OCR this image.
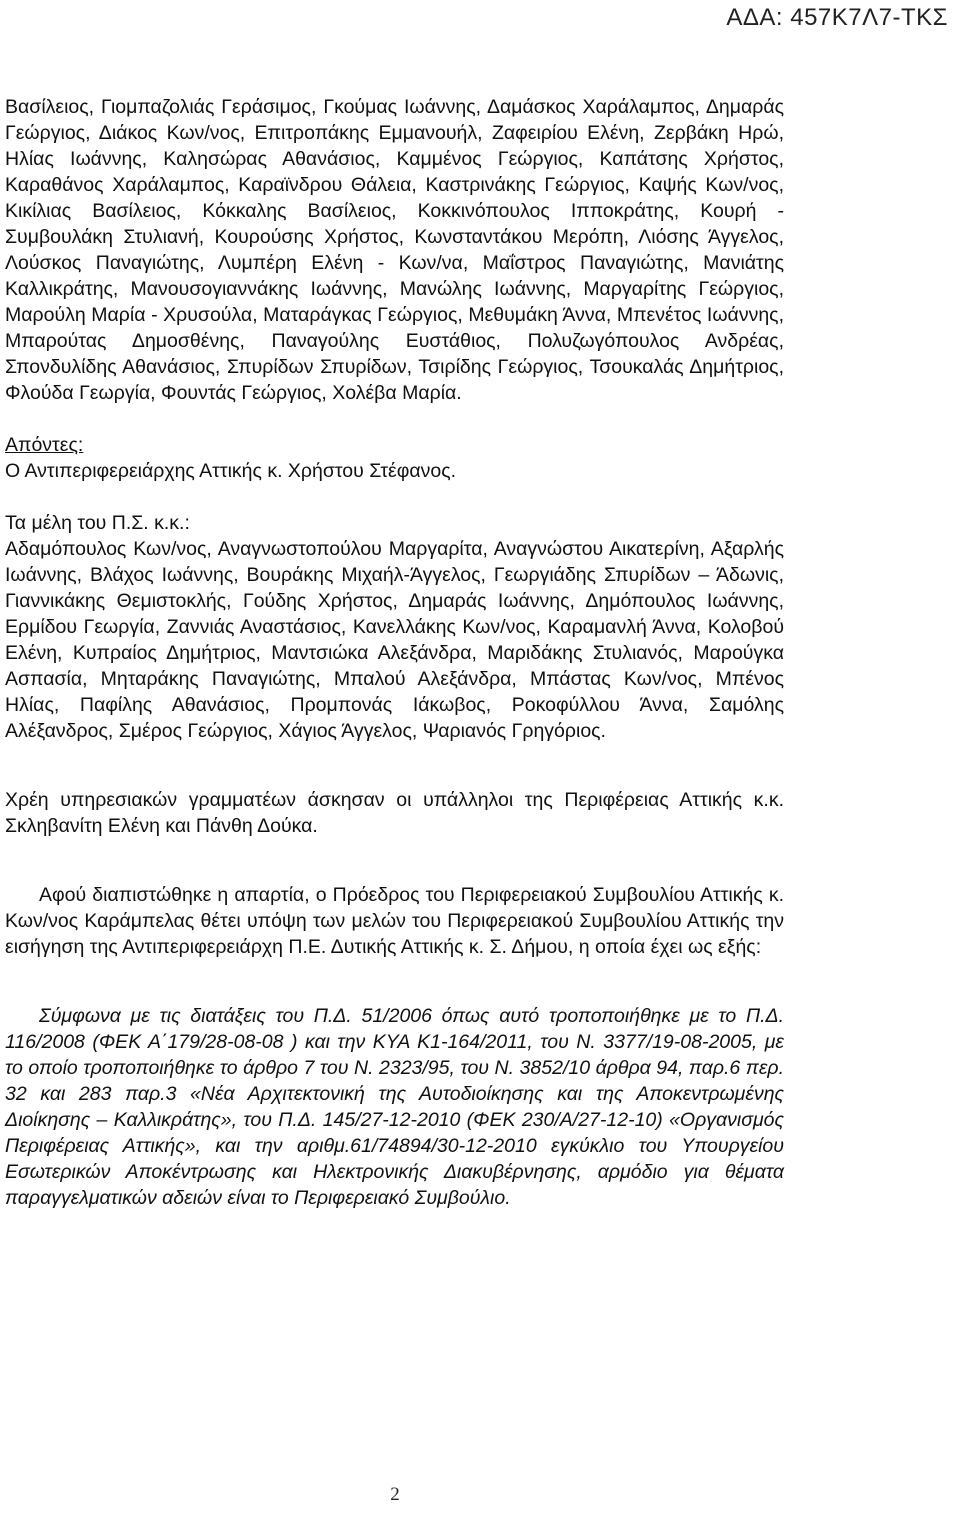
ΑΔΑ: 457Κ7Λ7-ΤΚΣ

Βασίλειος, Γιομπαζολιάς Γεράσιμος, Γκούμας Ιωάννης, Δαμάσκος Χαράλαμπος, Δημαράς Γεώργιος, Διάκος Κων/νος, Επιτροπάκης Εμμανουήλ, Ζαφειρίου Ελένη, Ζερβάκη Ηρώ, Ηλίας Ιωάννης, Καλησώρας Αθανάσιος, Καμμένος Γεώργιος, Καπάτσης Χρήστος, Καραθάνος Χαράλαμπος, Καραϊνδρου Θάλεια, Καστρινάκης Γεώργιος, Καψής Κων/νος, Κικίλιας Βασίλειος, Κόκκαλης Βασίλειος, Κοκκινόπουλος Ιπποκράτης, Κουρή - Συμβουλάκη Στυλιανή, Κουρούσης Χρήστος, Κωνσταντάκου Μερόπη, Λιόσης Άγγελος, Λούσκος Παναγιώτης, Λυμπέρη Ελένη - Κων/να, Μαΐστρος Παναγιώτης, Μανιάτης Καλλικράτης, Μανουσογιαννάκης Ιωάννης, Μανώλης Ιωάννης, Μαργαρίτης Γεώργιος, Μαρούλη Μαρία - Χρυσούλα, Ματαράγκας Γεώργιος, Μεθυμάκη Άννα, Μπενέτος Ιωάννης, Μπαρούτας Δημοσθένης, Παναγούλης Ευστάθιος, Πολυζωγόπουλος Ανδρέας, Σπονδυλίδης Αθανάσιος, Σπυρίδων Σπυρίδων, Τσιρίδης Γεώργιος, Τσουκαλάς Δημήτριος, Φλούδα Γεωργία, Φουντάς Γεώργιος, Χολέβα Μαρία.

Απόντες:

Ο Αντιπεριφερειάρχης Αττικής κ. Χρήστου Στέφανος.

Τα μέλη του Π.Σ. κ.κ.:

Αδαμόπουλος Κων/νος, Αναγνωστοπούλου Μαργαρίτα, Αναγνώστου Αικατερίνη, Αξαρλής Ιωάννης, Βλάχος Ιωάννης, Βουράκης Μιχαήλ-Άγγελος, Γεωργιάδης Σπυρίδων – Άδωνις, Γιαννικάκης Θεμιστοκλής, Γούδης Χρήστος, Δημαράς Ιωάννης, Δημόπουλος Ιωάννης, Ερμίδου Γεωργία, Ζαννιάς Αναστάσιος, Κανελλάκης Κων/νος, Καραμανλή Άννα, Κολοβού Ελένη, Κυπραίος Δημήτριος, Μαντσιώκα Αλεξάνδρα, Μαριδάκης Στυλιανός, Μαρούγκα Ασπασία, Μηταράκης Παναγιώτης, Μπαλού Αλεξάνδρα, Μπάστας Κων/νος, Μπένος Ηλίας, Παφίλης Αθανάσιος, Προμπονάς Ιάκωβος, Ροκοφύλλου Άννα, Σαμόλης Αλέξανδρος, Σμέρος Γεώργιος, Χάγιος Άγγελος, Ψαριανός Γρηγόριος.

Χρέη υπηρεσιακών γραμματέων άσκησαν οι υπάλληλοι της Περιφέρειας Αττικής κ.κ. Σκληβανίτη Ελένη και Πάνθη Δούκα.

Αφού διαπιστώθηκε η απαρτία, ο Πρόεδρος του Περιφερειακού Συμβουλίου Αττικής κ. Κων/νος Καράμπελας θέτει υπόψη των μελών του Περιφερειακού Συμβουλίου Αττικής την εισήγηση της Αντιπεριφερειάρχη Π.Ε. Δυτικής Αττικής κ. Σ. Δήμου, η οποία έχει ως εξής:

Σύμφωνα με τις διατάξεις του Π.Δ. 51/2006 όπως αυτό τροποποιήθηκε με το Π.Δ. 116/2008 (ΦΕΚ Α΄179/28-08-08 ) και την ΚΥΑ Κ1-164/2011, του Ν. 3377/19-08-2005, με το οποίο τροποποιήθηκε το άρθρο 7 του Ν. 2323/95, του Ν. 3852/10 άρθρα 94, παρ.6 περ. 32 και 283 παρ.3 «Νέα Αρχιτεκτονική της Αυτοδιοίκησης και της Αποκεντρωμένης Διοίκησης – Καλλικράτης», του Π.Δ. 145/27-12-2010 (ΦΕΚ 230/Α/27-12-10) «Οργανισμός Περιφέρειας Αττικής», και την αριθμ.61/74894/30-12-2010 εγκύκλιο του Υπουργείου Εσωτερικών Αποκέντρωσης και Ηλεκτρονικής Διακυβέρνησης, αρμόδιο για θέματα παραγγελματικών αδειών είναι το Περιφερειακό Συμβούλιο.

2
